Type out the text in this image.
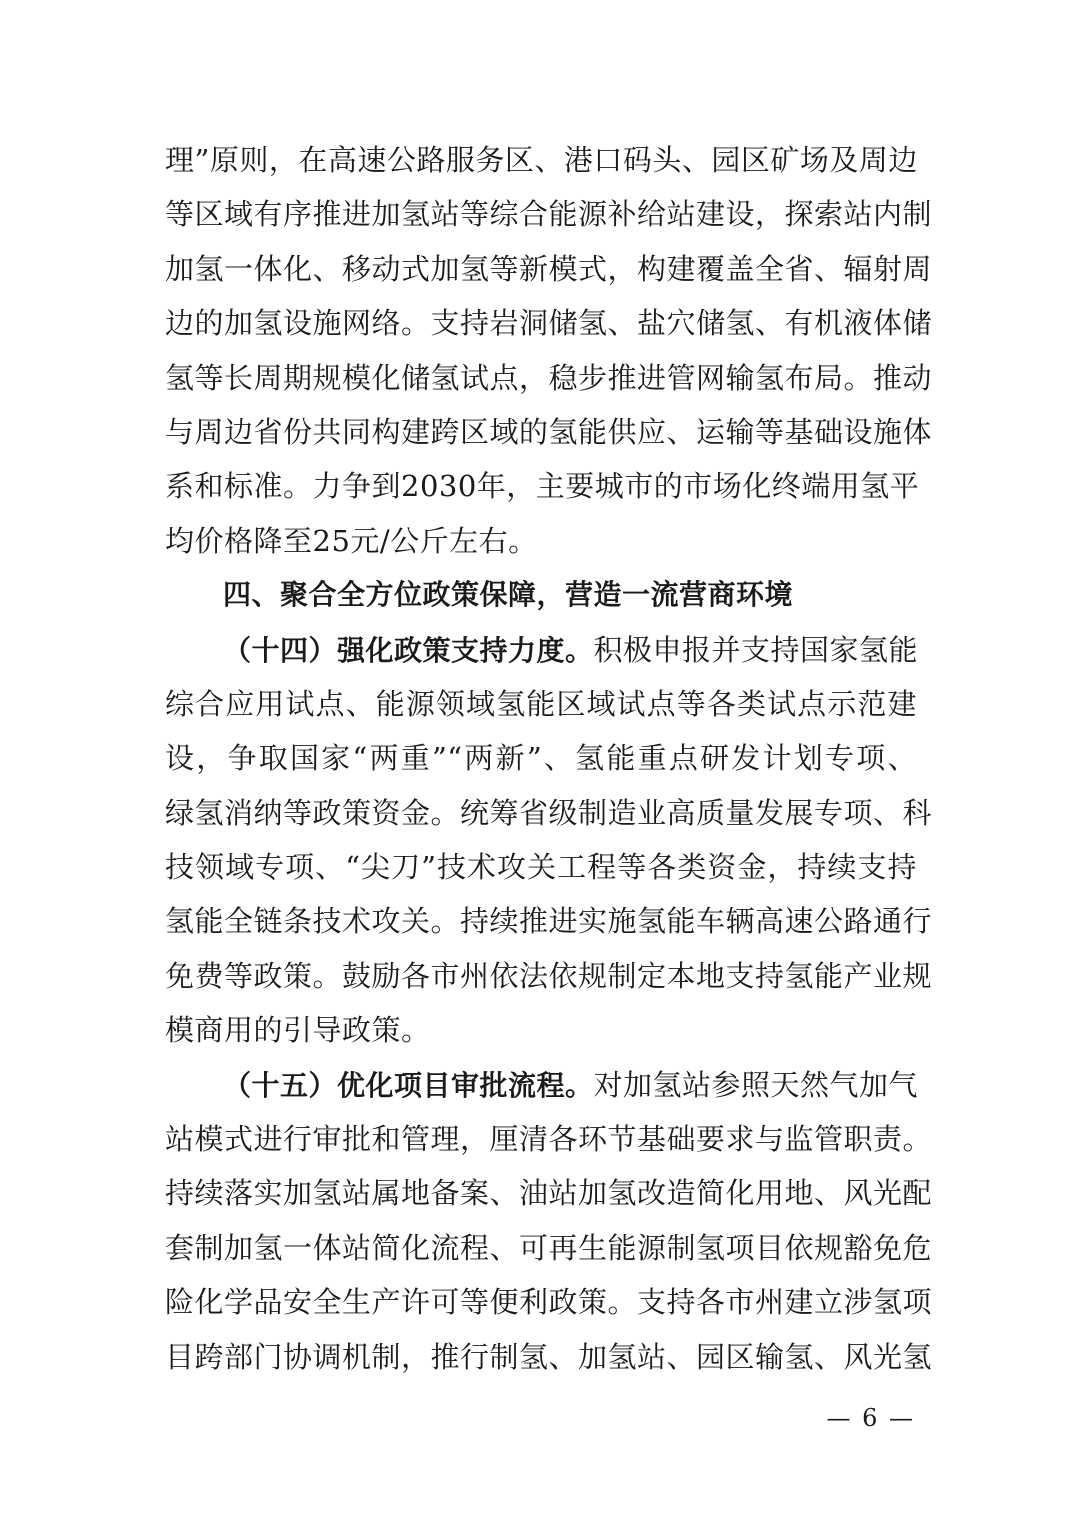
理”原则，在高速公路服务区、港口码头、园区矿场及周边
等区域有序推进加氢站等综合能源补给站建设，探索站内制
加氢一体化、移动式加氢等新模式，构建覆盖全省、辐射周
边的加氢设施网络。支持岩洞储氢、盐穴储氢、有机液体储
氢等长周期规模化储氢试点，稳步推进管网输氢布局。推动
与周边省份共同构建跨区域的氢能供应、运输等基础设施体
系和标准。力争到2030年，主要城市的市场化终端用氢平
均价格降至25元/公斤左右。
四、聚合全方位政策保障，营造一流营商环境
（十四）强化政策支持力度。积极申报并支持国家氢能
综合应用试点、能源领域氢能区域试点等各类试点示范建
设，争取国家“两重”“两新”、氢能重点研发计划专项、
绿氢消纳等政策资金。统筹省级制造业高质量发展专项、科
技领域专项、“尖刀”技术攻关工程等各类资金，持续支持
氢能全链条技术攻关。持续推进实施氢能车辆高速公路通行
免费等政策。鼓励各市州依法依规制定本地支持氢能产业规
模商用的引导政策。
（十五）优化项目审批流程。对加氢站参照天然气加气
站模式进行审批和管理，厘清各环节基础要求与监管职责。
持续落实加氢站属地备案、油站加氢改造简化用地、风光配
套制加氢一体站简化流程、可再生能源制氢项目依规豁免危
险化学品安全生产许可等便利政策。支持各市州建立涉氢项
目跨部门协调机制，推行制氢、加氢站、园区输氢、风光氢
— 6 —
